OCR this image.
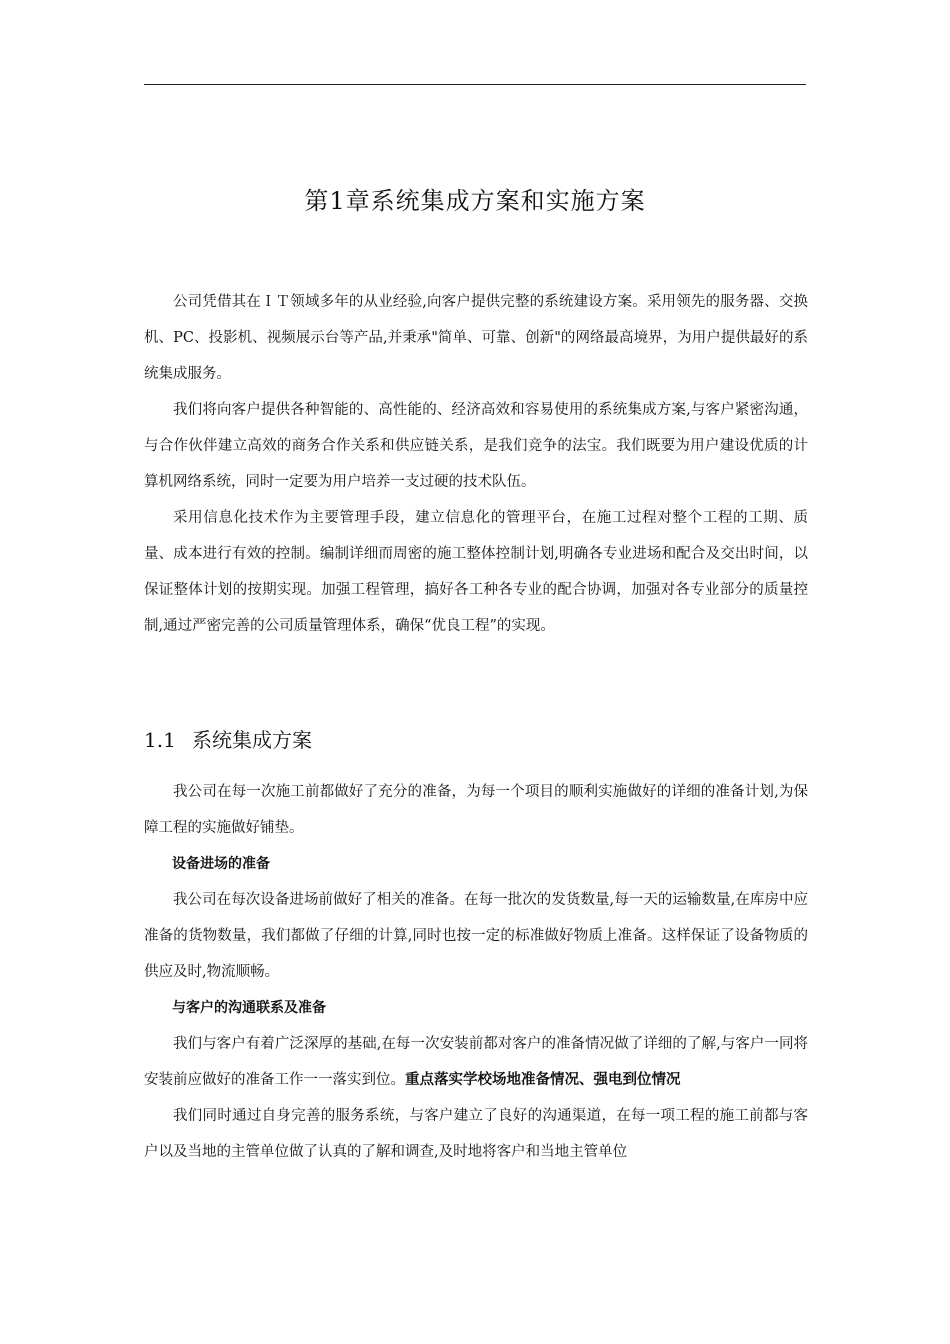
第1章系统集成方案和实施方案

公司凭借其在ＩＴ领域多年的从业经验,向客户提供完整的系统建设方案。采用领先的服务器、交换机、PC、投影机、视频展示台等产品,并秉承"简单、可靠、创新"的网络最高境界，为用户提供最好的系统集成服务。

我们将向客户提供各种智能的、高性能的、经济高效和容易使用的系统集成方案,与客户紧密沟通，与合作伙伴建立高效的商务合作关系和供应链关系，是我们竞争的法宝。我们既要为用户建设优质的计算机网络系统，同时一定要为用户培养一支过硬的技术队伍。

采用信息化技术作为主要管理手段，建立信息化的管理平台，在施工过程对整个工程的工期、质量、成本进行有效的控制。编制详细而周密的施工整体控制计划,明确各专业进场和配合及交出时间，以保证整体计划的按期实现。加强工程管理，搞好各工种各专业的配合协调，加强对各专业部分的质量控制,通过严密完善的公司质量管理体系，确保“优良工程”的实现。

1.1 系统集成方案

我公司在每一次施工前都做好了充分的准备，为每一个项目的顺利实施做好的详细的准备计划,为保障工程的实施做好铺垫。

设备进场的准备

我公司在每次设备进场前做好了相关的准备。在每一批次的发货数量,每一天的运输数量,在库房中应准备的货物数量，我们都做了仔细的计算,同时也按一定的标准做好物质上准备。这样保证了设备物质的供应及时,物流顺畅。

与客户的沟通联系及准备

我们与客户有着广泛深厚的基础,在每一次安装前都对客户的准备情况做了详细的了解,与客户一同将安装前应做好的准备工作一一落实到位。重点落实学校场地准备情况、强电到位情况

我们同时通过自身完善的服务系统，与客户建立了良好的沟通渠道，在每一项工程的施工前都与客户以及当地的主管单位做了认真的了解和调查,及时地将客户和当地主管单位
